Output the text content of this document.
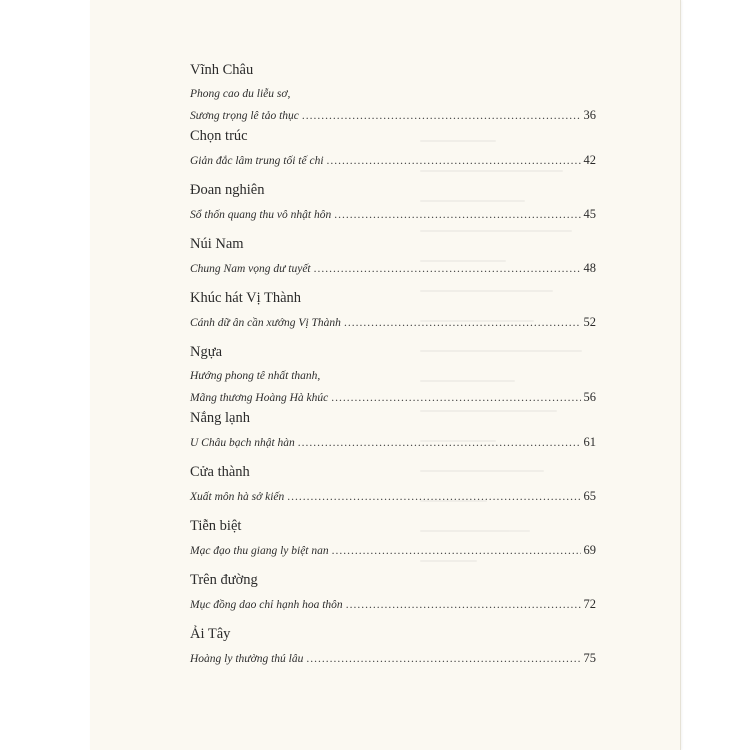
Vĩnh Châu
Phong cao du liễu sơ,
Sương trọng lê tảo thục .....	36
Chọn trúc
Giản đắc lâm trung tối tế chi .....	42
Đoan nghiên
Sổ thốn quang thu vô nhật hôn .....	45
Núi Nam
Chung Nam vọng dư tuyết .....	48
Khúc hát Vị Thành
Cánh dữ ân cần xướng Vị Thành .....	52
Ngựa
Hướng phong tê nhất thanh,
Mãng thương Hoàng Hà khúc .....	56
Nắng lạnh
U Châu bạch nhật hàn .....	61
Cửa thành
Xuất môn hà sở kiến .....	65
Tiễn biệt
Mạc đạo thu giang ly biệt nan .....	69
Trên đường
Mục đồng dao chỉ hạnh hoa thôn .....	72
Ải Tây
Hoàng ly thường thú lâu .....	75
